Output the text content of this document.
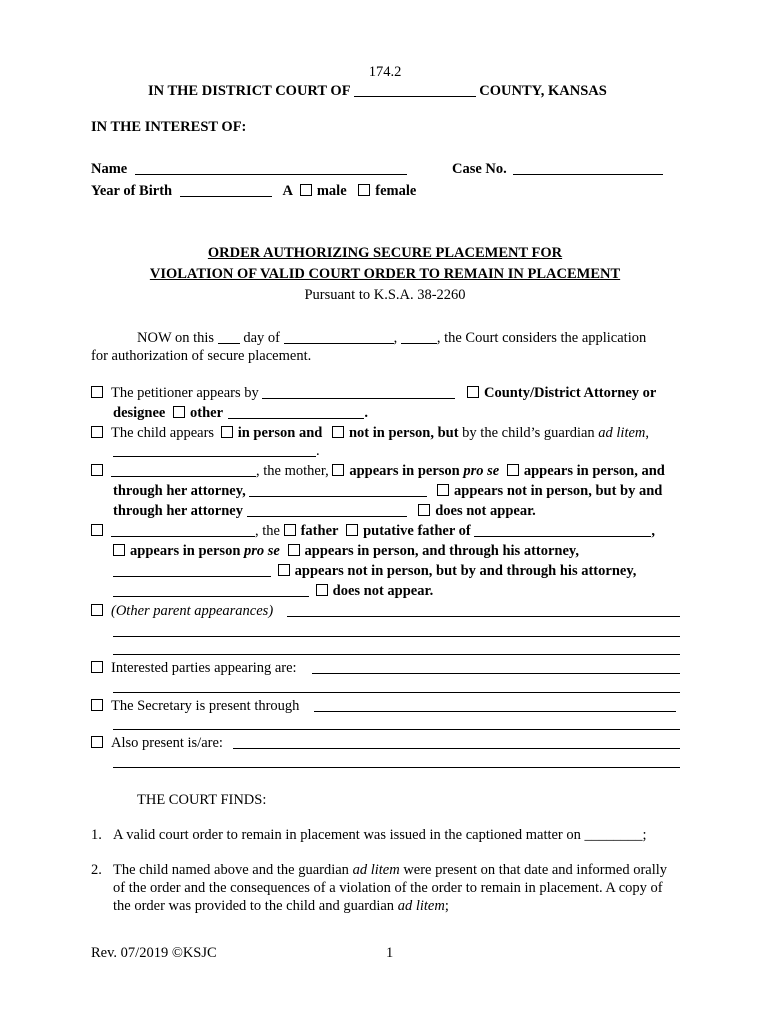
174.2
IN THE DISTRICT COURT OF	COUNTY, KANSAS
IN THE INTEREST OF:
Name	Case No.
Year of Birth	A male female
ORDER AUTHORIZING SECURE PLACEMENT FOR
VIOLATION OF VALID COURT ORDER TO REMAIN IN PLACEMENT
Pursuant to K.S.A. 38-2260
NOW on this day of	,	, the Court considers the application
for authorization of secure placement.
The petitioner appears by	County/District Attorney or
designee other	.
The child appears in person and not in person, but by the child’s guardian ad litem,
.
, the mother, appears in person pro se appears in person, and
through her attorney,	appears not in person, but by and
through her attorney	does not appear.
, the father putative father of	,
appears in person pro se appears in person, and through his attorney,
appears not in person, but by and through his attorney,
does not appear.
(Other parent appearances)
Interested parties appearing are:
The Secretary is present through
Also present is/are:
THE COURT FINDS:
1. A valid court order to remain in placement was issued in the captioned matter on ________;
2. The child named above and the guardian ad litem were present on that date and informed orally
of the order and the consequences of a violation of the order to remain in placement. A copy of
the order was provided to the child and guardian ad litem;
Rev. 07/2019 ©KSJC	1
